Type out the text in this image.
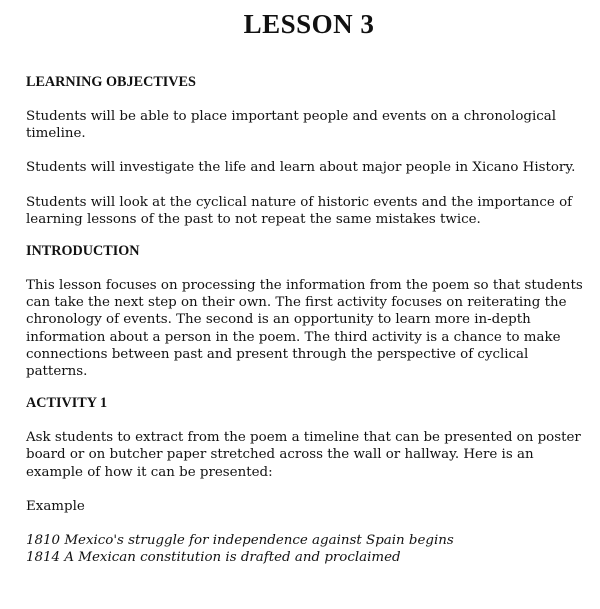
LESSON 3
LEARNING OBJECTIVES

Students will be able to place important people and events on a chronological timeline.

Students will investigate the life and learn about major people in Xicano History.

Students will look at the cyclical nature of historic events and the importance of learning lessons of the past to not repeat the same mistakes twice.

INTRODUCTION

This lesson focuses on processing the information from the poem so that students can take the next step on their own. The first activity focuses on reiterating the chronology of events. The second is an opportunity to learn more in-depth information about a person in the poem. The third activity is a chance to make connections between past and present through the perspective of cyclical patterns.

ACTIVITY 1

Ask students to extract from the poem a timeline that can be presented on poster board or on butcher paper stretched across the wall or hallway. Here is an example of how it can be presented:

Example

1810 Mexico's struggle for independence against Spain begins
1814 A Mexican constitution is drafted and proclaimed
